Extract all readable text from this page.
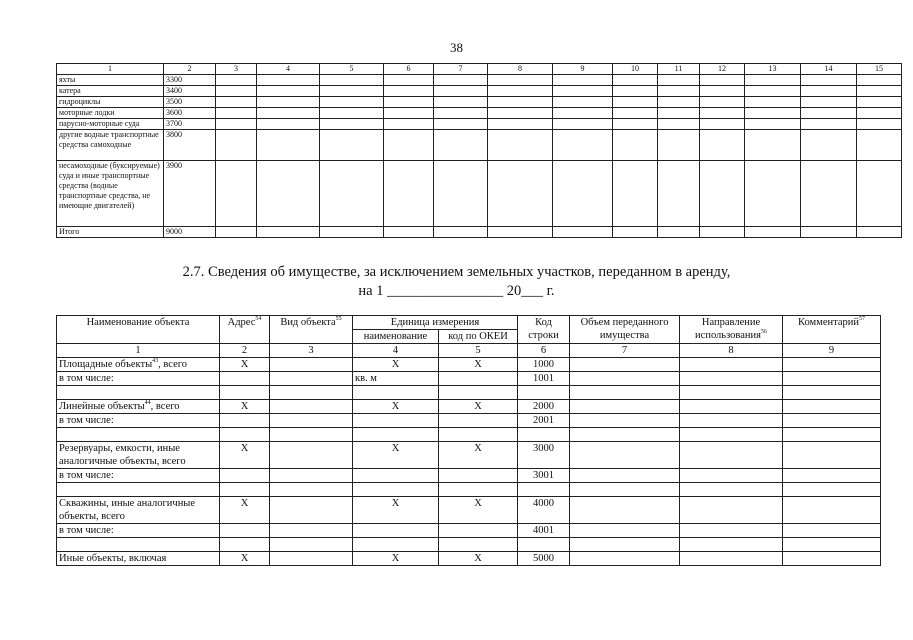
38
1	2	3	4	5	6	7	8	9	10	11	12	13	14	15
яхты	3300													
катера	3400													
гидроциклы	3500													
моторные лодки	3600													
парусно-моторные суда	3700													
другие водные транспортные средства самоходные	3800													
несамоходные (буксируемые) суда и иные транспортные средства (водные транспортные средства, не имеющие двигателей)	3900													
Итого	9000													
2.7. Сведения об имуществе, за исключением земельных участков, переданном в аренду,
на 1 ________________ 20___ г.
Наименование объекта	Адрес$^{54}$	Вид объекта$^{55}$	Единица измерения		Код строки	Объем переданного имущества	Направление использования$^{56}$	Комментарий$^{57}$
			наименование	код по ОКЕИ				
1	2	3	4	5	6	7	8	9
Площадные объекты$^{43}$, всего	Х		Х	Х	1000			
в том числе:			кв. м		1001			

Линейные объекты$^{44}$, всего	Х		Х	Х	2000			
в том числе:					2001			

Резервуары, емкости, иные аналогичные объекты, всего	Х		Х	Х	3000			
в том числе:					3001			

Скважины, иные аналогичные объекты, всего	Х		Х	Х	4000			
в том числе:					4001			

Иные объекты, включая	Х		Х	Х	5000			
